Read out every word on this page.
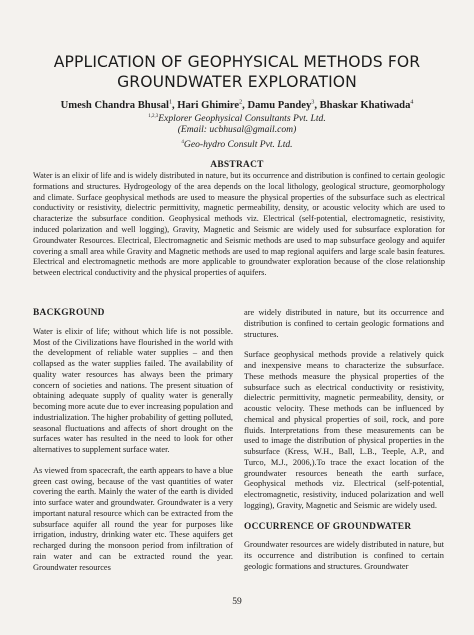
APPLICATION OF GEOPHYSICAL METHODS FOR
GROUNDWATER EXPLORATION
Umesh Chandra Bhusal$^1$, Hari Ghimire$^2$, Damu Pandey$^3$, Bhaskar Khatiwada$^4$
$^{1,2,3}$Explorer Geophysical Consultants Pvt. Ltd.
(Email: ucbhusal@gmail.com)
$^4$Geo-hydro Consult Pvt. Ltd.
ABSTRACT
Water is an elixir of life and is widely distributed in nature, but its occurrence and distribution is confined to certain geologic formations and structures. Hydrogeology of the area depends on the local lithology, geological structure, geomorphology and climate. Surface geophysical methods are used to measure the physical properties of the subsurface such as electrical conductivity or resistivity, dielectric permittivity, magnetic permeability, density, or acoustic velocity which are used to characterize the subsurface condition. Geophysical methods viz. Electrical (self-potential, electromagnetic, resistivity, induced polarization and well logging), Gravity, Magnetic and Seismic are widely used for subsurface exploration for Groundwater Resources. Electrical, Electromagnetic and Seismic methods are used to map subsurface geology and aquifer covering a small area while Gravity and Magnetic methods are used to map regional aquifers and large scale basin features. Electrical and electromagnetic methods are more applicable to groundwater exploration because of the close relationship between electrical conductivity and the physical properties of aquifers.
BACKGROUND

Water is elixir of life; without which life is not possible. Most of the Civilizations have flourished in the world with the development of reliable water supplies – and then collapsed as the water supplies failed. The availability of quality water resources has always been the primary concern of societies and nations. The present situation of obtaining adequate supply of quality water is generally becoming more acute due to ever increasing population and industrialization. The higher probability of getting polluted, seasonal fluctuations and affects of short drought on the surfaces water has resulted in the need to look for other alternatives to supplement surface water.

As viewed from spacecraft, the earth appears to have a blue green cast owing, because of the vast quantities of water covering the earth. Mainly the water of the earth is divided into surface water and groundwater. Groundwater is a very important natural resource which can be extracted from the subsurface aquifer all round the year for purposes like irrigation, industry, drinking water etc. These aquifers get recharged during the monsoon period from infiltration of rain water and can be extracted round the year. Groundwater resources

are widely distributed in nature, but its occurrence and distribution is confined to certain geologic formations and structures.

Surface geophysical methods provide a relatively quick and inexpensive means to characterize the subsurface. These methods measure the physical properties of the subsurface such as electrical conductivity or resistivity, dielectric permittivity, magnetic permeability, density, or acoustic velocity. These methods can be influenced by chemical and physical properties of soil, rock, and pore fluids. Interpretations from these measurements can be used to image the distribution of physical properties in the subsurface (Kress, W.H., Ball, L.B., Teeple, A.P., and Turco, M.J., 2006,).To trace the exact location of the groundwater resources beneath the earth surface, Geophysical methods viz. Electrical (self-potential, electromagnetic, resistivity, induced polarization and well logging), Gravity, Magnetic and Seismic are widely used.

OCCURRENCE OF GROUNDWATER

Groundwater resources are widely distributed in nature, but its occurrence and distribution is confined to certain geologic formations and structures. Groundwater

59
